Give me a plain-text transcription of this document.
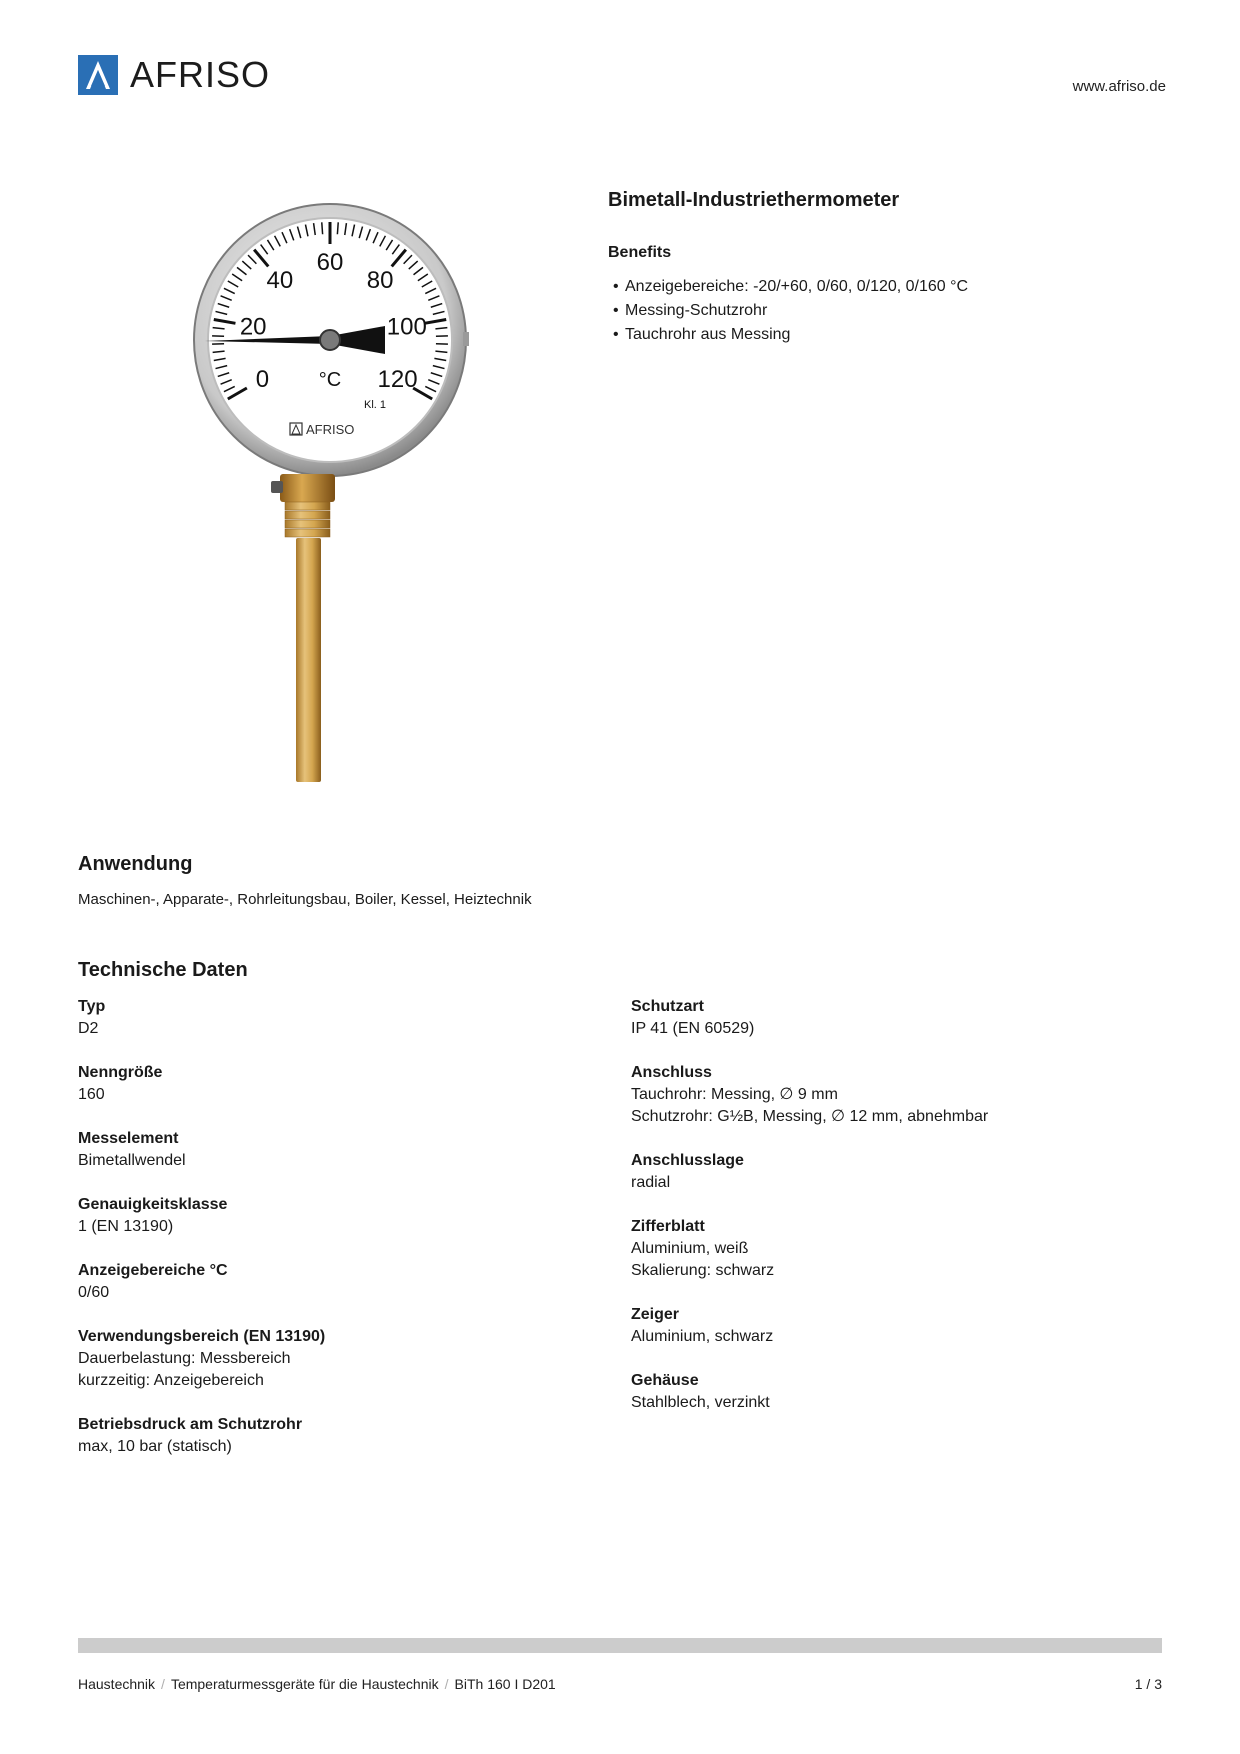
AFRISO	www.afriso.de
0
20
40
60
80
100
120
°C
Kl. 1
AFRISO
Bimetall-Industriethermometer
Benefits
• Anzeigebereiche: -20/+60, 0/60, 0/120, 0/160 °C
• Messing-Schutzrohr
• Tauchrohr aus Messing
Anwendung
Maschinen-, Apparate-, Rohrleitungsbau, Boiler, Kessel, Heiztechnik
Technische Daten
Typ
D2
Nenngröße
160
Messelement
Bimetallwendel
Genauigkeitsklasse
1 (EN 13190)
Anzeigebereiche °C
0/60
Verwendungsbereich (EN 13190)
Dauerbelastung: Messbereich
kurzzeitig: Anzeigebereich
Betriebsdruck am Schutzrohr
max, 10 bar (statisch)
Schutzart
IP 41 (EN 60529)
Anschluss
Tauchrohr: Messing, ∅ 9 mm
Schutzrohr: G½B, Messing, ∅ 12 mm, abnehmbar
Anschlusslage
radial
Zifferblatt
Aluminium, weiß
Skalierung: schwarz
Zeiger
Aluminium, schwarz
Gehäuse
Stahlblech, verzinkt
Haustechnik / Temperaturmessgeräte für die Haustechnik / BiTh 160 I D201	1 / 3
